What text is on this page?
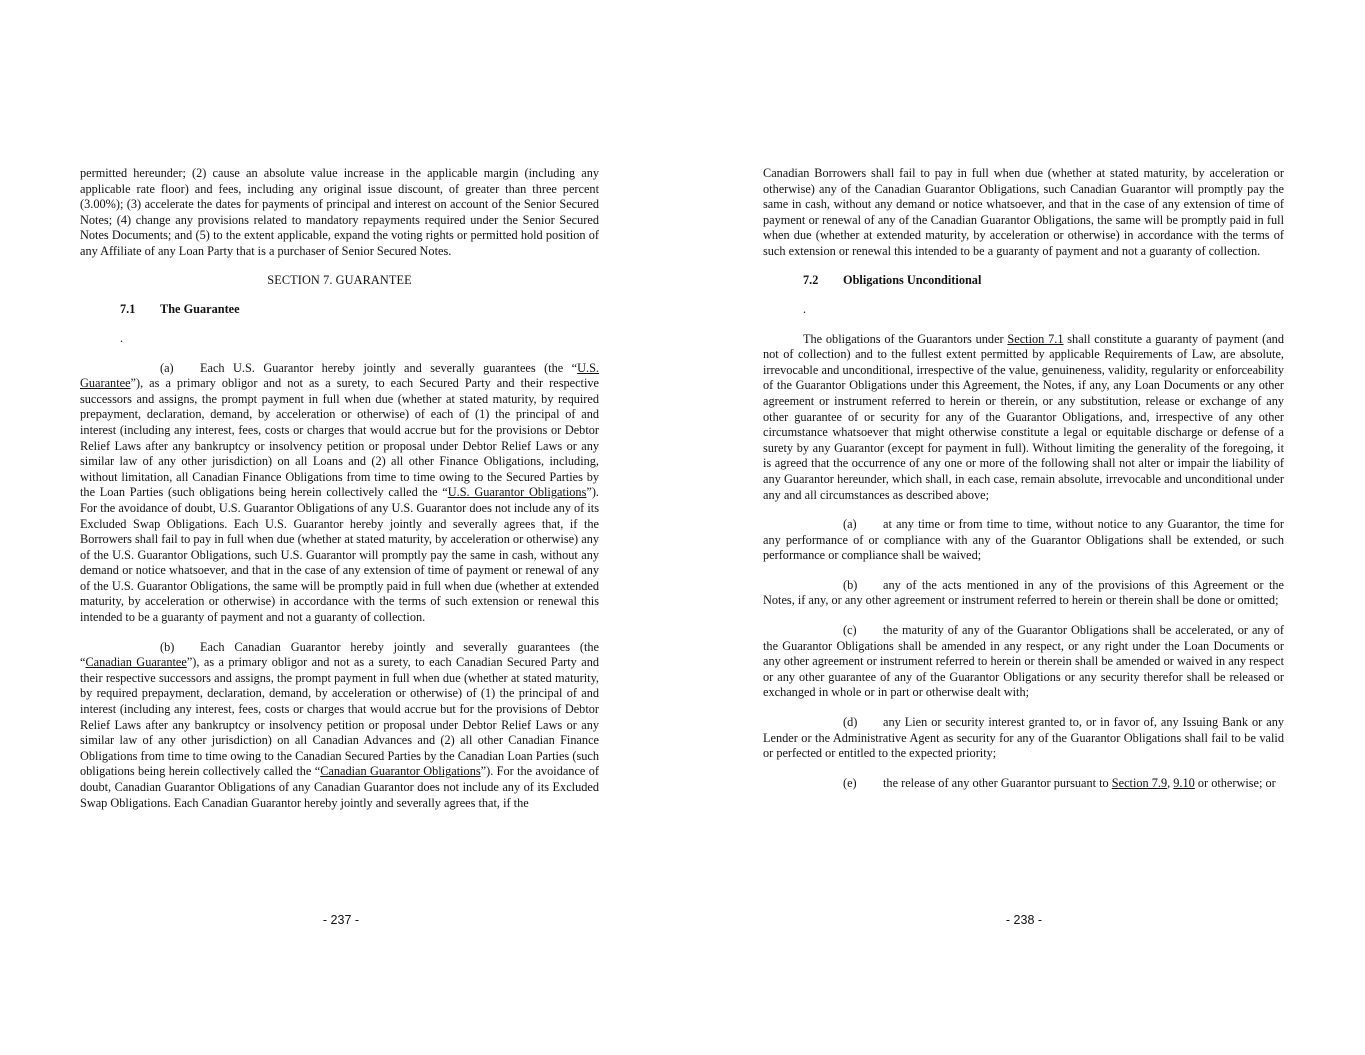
permitted hereunder; (2) cause an absolute value increase in the applicable margin (including any applicable rate floor) and fees, including any original issue discount, of greater than three percent (3.00%); (3) accelerate the dates for payments of principal and interest on account of the Senior Secured Notes; (4) change any provisions related to mandatory repayments required under the Senior Secured Notes Documents; and (5) to the extent applicable, expand the voting rights or permitted hold position of any Affiliate of any Loan Party that is a purchaser of Senior Secured Notes.

SECTION 7. GUARANTEE

7.1 The Guarantee

.

(a) Each U.S. Guarantor hereby jointly and severally guarantees (the “U.S. Guarantee”), as a primary obligor and not as a surety, to each Secured Party and their respective successors and assigns, the prompt payment in full when due (whether at stated maturity, by required prepayment, declaration, demand, by acceleration or otherwise) of each of (1) the principal of and interest (including any interest, fees, costs or charges that would accrue but for the provisions or Debtor Relief Laws after any bankruptcy or insolvency petition or proposal under Debtor Relief Laws or any similar law of any other jurisdiction) on all Loans and (2) all other Finance Obligations, including, without limitation, all Canadian Finance Obligations from time to time owing to the Secured Parties by the Loan Parties (such obligations being herein collectively called the “U.S. Guarantor Obligations”). For the avoidance of doubt, U.S. Guarantor Obligations of any U.S. Guarantor does not include any of its Excluded Swap Obligations. Each U.S. Guarantor hereby jointly and severally agrees that, if the Borrowers shall fail to pay in full when due (whether at stated maturity, by acceleration or otherwise) any of the U.S. Guarantor Obligations, such U.S. Guarantor will promptly pay the same in cash, without any demand or notice whatsoever, and that in the case of any extension of time of payment or renewal of any of the U.S. Guarantor Obligations, the same will be promptly paid in full when due (whether at extended maturity, by acceleration or otherwise) in accordance with the terms of such extension or renewal this intended to be a guaranty of payment and not a guaranty of collection.

(b) Each Canadian Guarantor hereby jointly and severally guarantees (the “Canadian Guarantee”), as a primary obligor and not as a surety, to each Canadian Secured Party and their respective successors and assigns, the prompt payment in full when due (whether at stated maturity, by required prepayment, declaration, demand, by acceleration or otherwise) of (1) the principal of and interest (including any interest, fees, costs or charges that would accrue but for the provisions of Debtor Relief Laws after any bankruptcy or insolvency petition or proposal under Debtor Relief Laws or any similar law of any other jurisdiction) on all Canadian Advances and (2) all other Canadian Finance Obligations from time to time owing to the Canadian Secured Parties by the Canadian Loan Parties (such obligations being herein collectively called the “Canadian Guarantor Obligations”). For the avoidance of doubt, Canadian Guarantor Obligations of any Canadian Guarantor does not include any of its Excluded Swap Obligations. Each Canadian Guarantor hereby jointly and severally agrees that, if the

- 237 -

Canadian Borrowers shall fail to pay in full when due (whether at stated maturity, by acceleration or otherwise) any of the Canadian Guarantor Obligations, such Canadian Guarantor will promptly pay the same in cash, without any demand or notice whatsoever, and that in the case of any extension of time of payment or renewal of any of the Canadian Guarantor Obligations, the same will be promptly paid in full when due (whether at extended maturity, by acceleration or otherwise) in accordance with the terms of such extension or renewal this intended to be a guaranty of payment and not a guaranty of collection.

7.2 Obligations Unconditional

.

The obligations of the Guarantors under Section 7.1 shall constitute a guaranty of payment (and not of collection) and to the fullest extent permitted by applicable Requirements of Law, are absolute, irrevocable and unconditional, irrespective of the value, genuineness, validity, regularity or enforceability of the Guarantor Obligations under this Agreement, the Notes, if any, any Loan Documents or any other agreement or instrument referred to herein or therein, or any substitution, release or exchange of any other guarantee of or security for any of the Guarantor Obligations, and, irrespective of any other circumstance whatsoever that might otherwise constitute a legal or equitable discharge or defense of a surety by any Guarantor (except for payment in full). Without limiting the generality of the foregoing, it is agreed that the occurrence of any one or more of the following shall not alter or impair the liability of any Guarantor hereunder, which shall, in each case, remain absolute, irrevocable and unconditional under any and all circumstances as described above;

(a) at any time or from time to time, without notice to any Guarantor, the time for any performance of or compliance with any of the Guarantor Obligations shall be extended, or such performance or compliance shall be waived;

(b) any of the acts mentioned in any of the provisions of this Agreement or the Notes, if any, or any other agreement or instrument referred to herein or therein shall be done or omitted;

(c) the maturity of any of the Guarantor Obligations shall be accelerated, or any of the Guarantor Obligations shall be amended in any respect, or any right under the Loan Documents or any other agreement or instrument referred to herein or therein shall be amended or waived in any respect or any other guarantee of any of the Guarantor Obligations or any security therefor shall be released or exchanged in whole or in part or otherwise dealt with;

(d) any Lien or security interest granted to, or in favor of, any Issuing Bank or any Lender or the Administrative Agent as security for any of the Guarantor Obligations shall fail to be valid or perfected or entitled to the expected priority;

(e) the release of any other Guarantor pursuant to Section 7.9, 9.10 or otherwise; or

- 238 -
